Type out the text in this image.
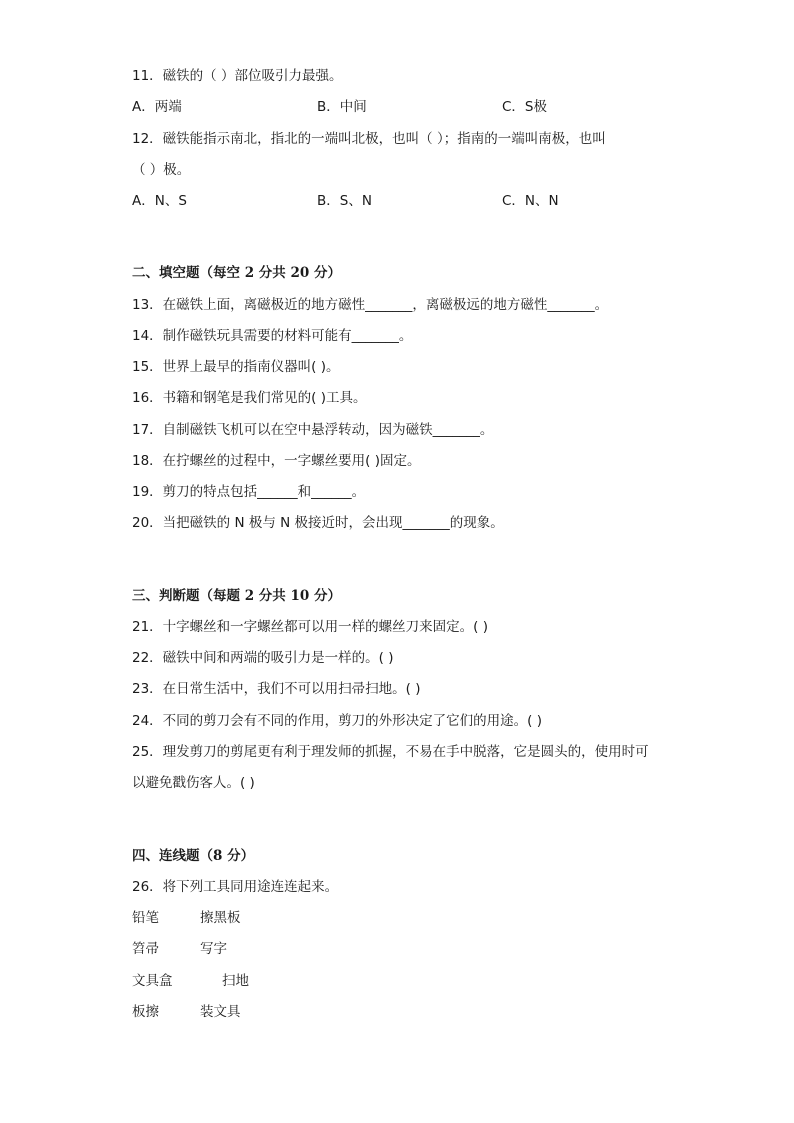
11．磁铁的（ ）部位吸引力最强。
A．两端	B．中间	C．S极
12．磁铁能指示南北，指北的一端叫北极，也叫（ ）；指南的一端叫南极，也叫
（ ）极。
A．N、S	B．S、N	C．N、N
二、填空题（每空 2 分共 20 分）
13．在磁铁上面，离磁极近的地方磁性_______，离磁极远的地方磁性_______。
14．制作磁铁玩具需要的材料可能有_______。
15．世界上最早的指南仪器叫( )。
16．书籍和钢笔是我们常见的( )工具。
17．自制磁铁飞机可以在空中悬浮转动，因为磁铁_______。
18．在拧螺丝的过程中，一字螺丝要用( )固定。
19．剪刀的特点包括______和______。
20．当把磁铁的 N 极与 N 极接近时，会出现_______的现象。
三、判断题（每题 2 分共 10 分）
21．十字螺丝和一字螺丝都可以用一样的螺丝刀来固定。( )
22．磁铁中间和两端的吸引力是一样的。( )
23．在日常生活中，我们不可以用扫帚扫地。( )
24．不同的剪刀会有不同的作用，剪刀的外形决定了它们的用途。( )
25．理发剪刀的剪尾更有利于理发师的抓握，不易在手中脱落，它是圆头的，使用时可
以避免戳伤客人。( )
四、连线题（8 分）
26．将下列工具同用途连连起来。
铅笔	擦黑板
笤帚	写字
文具盒	扫地
板擦	装文具
